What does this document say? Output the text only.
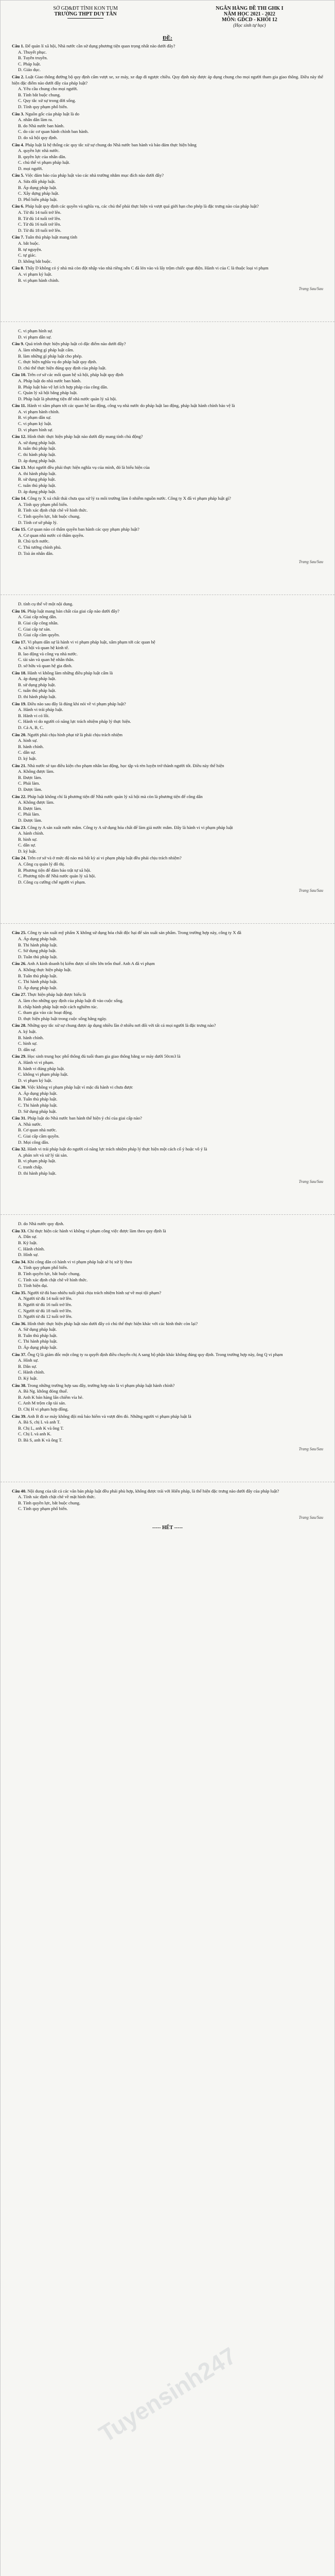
SỞ GD&ĐT TỈNH KON TUM
TRƯỜNG THPT DUY TÂN
NGÂN HÀNG ĐỀ THI GHK I
NĂM HỌC 2021 - 2022
MÔN: GDCD - KHỐI 12
(Học sinh tự học)
ĐỀ:
Câu 1. Để quản lí xã hội, Nhà nước cần sử dụng phương tiện quan trọng nhất nào dưới đây?
A. Thuyết phục.
B. Tuyên truyền.
C. Pháp luật.
D. Giáo dục.
Câu 2. Luật Giao thông đường bộ quy định cấm vượt xe, xe máy, xe đạp đi ngược chiều. Quy định này được áp dụng chung cho mọi người tham gia giao thông. Điều này thể hiện đặc điểm nào dưới đây của pháp luật?
A. Yêu cầu chung cho mọi người.
B. Tính bắt buộc chung.
C. Quy tắc xử sự trong đời sống.
D. Tính quy phạm phổ biến.
Câu 3. Nguồn gốc của pháp luật là do
A. nhân dân làm ra.
B. do Nhà nước ban hành.
C. do các cơ quan hành chính ban hành.
D. do xã hội quy định.
Câu 4. Pháp luật là hệ thống các quy tắc xử sự chung do Nhà nước ban hành và bảo đảm thực hiện bằng
A. quyền lực nhà nước.
B. quyền lực của nhân dân.
C. chủ thể vi phạm pháp luật.
D. mọi người.
Câu 5. Việc đảm bảo của pháp luật vào các nhà trường nhằm mục đích nào dưới đây?
A. Sửa đổi pháp luật.
B. Áp dụng pháp luật.
C. Xây dựng pháp luật.
D. Phổ biến pháp luật.
Câu 6. Pháp luật quy định các quyền và nghĩa vụ, các chủ thể phải thực hiện và vượt quá giới hạn cho phép là đặc trưng nào của pháp luật?
A. Từ đủ 14 tuổi trở lên.
B. Từ đủ 14 tuổi trở lên.
C. Từ đủ 16 tuổi trở lên.
D. Từ đủ 18 tuổi trở lên.
Câu 7. Tuân thủ pháp luật mang tính
A. bắt buộc.
B. tự nguyện.
C. tự giác.
D. không bắt buộc.
Câu 8. Thấy D không có ý nhà mà còn đột nhập vào nhà riêng nên C đã lén vào và lấy trộm chiếc quạt điện. Hành vi của C là thuộc loại vi phạm
A. vi phạm kỷ luật.
B. vi phạm hành chính.
Trang Sau/Sau
C. vi phạm hình sự.
D. vi phạm dân sự.
Câu 9. Quá trình thực hiện pháp luật có đặc điểm nào dưới đây?
A. làm những gì pháp luật cấm.
B. làm những gì pháp luật cho phép.
C. thực hiện nghĩa vụ do pháp luật quy định.
D. chủ thể thực hiện đúng quy định của pháp luật.
Câu 10. Trên cơ sở các mối quan hệ xã hội, pháp luật quy định
A. Pháp luật do nhà nước ban hành.
B. Pháp luật bảo vệ lợi ích hợp pháp của công dân.
C. Quản lý xã hội bằng pháp luật.
D. Pháp luật là phương tiện để nhà nước quản lý xã hội.
Câu 11. Hành vi xâm phạm tới các quan hệ lao động, công vụ nhà nước do pháp luật lao động, pháp luật hành chính bảo vệ là
A. vi phạm hành chính.
B. vi phạm dân sự.
C. vi phạm kỷ luật.
D. vi phạm hình sự.
Câu 12. Hình thức thực hiện pháp luật nào dưới đây mang tính chủ động?
A. sử dụng pháp luật.
B. tuân thủ pháp luật.
C. thi hành pháp luật.
D. áp dụng pháp luật.
Câu 13. Mọi người đều phải thực hiện nghĩa vụ của mình, đó là biểu hiện của
A. thi hành pháp luật.
B. sử dụng pháp luật.
C. tuân thủ pháp luật.
D. áp dụng pháp luật.
Câu 14. Công ty X xả chất thải chưa qua xử lý ra môi trường làm ô nhiễm nguồn nước. Công ty X đã vi phạm pháp luật gì?
A. Tính quy phạm phổ biến.
B. Tính xác định chặt chẽ về hình thức.
C. Tính quyền lực, bắt buộc chung.
D. Tính cơ sở pháp lý.
Câu 15. Cơ quan nào có thẩm quyền ban hành các quy phạm pháp luật?
A. Cơ quan nhà nước có thẩm quyền.
B. Chủ tịch nước.
C. Thủ tướng chính phủ.
D. Toà án nhân dân.
Trang Sau/Sau
D. tính cụ thể về một nội dung.
Câu 16. Pháp luật mang bản chất của giai cấp nào dưới đây?
A. Giai cấp nông dân.
B. Giai cấp công nhân.
C. Giai cấp tư sản.
D. Giai cấp cầm quyền.
Câu 17. Vi phạm dân sự là hành vi vi phạm pháp luật, xâm phạm tới các quan hệ
A. xã hội và quan hệ kinh tế.
B. lao động và công vụ nhà nước.
C. tài sản và quan hệ nhân thân.
D. sở hữu và quan hệ gia đình.
Câu 18. Hành vi không làm những điều pháp luật cấm là
A. áp dụng pháp luật.
B. sử dụng pháp luật.
C. tuân thủ pháp luật.
D. thi hành pháp luật.
Câu 19. Điều nào sau đây là đúng khi nói về vi phạm pháp luật?
A. Hành vi trái pháp luật.
B. Hành vi có lỗi.
C. Hành vi do người có năng lực trách nhiệm pháp lý thực hiện.
D. Cả A, B, C.
Câu 20. Người phải chịu hình phạt tử là phải chịu trách nhiệm
A. hình sự.
B. hành chính.
C. dân sự.
D. kỷ luật.
Câu 21. Nhà nước sẽ tạo điều kiện cho phạm nhân lao động, học tập và rèn luyện trở thành người tốt. Điều này thể hiện
A. Không được làm.
B. Được làm.
C. Phải làm.
D. Được làm.
Câu 22. Pháp luật không chỉ là phương tiện để Nhà nước quản lý xã hội mà còn là phương tiện để công dân
A. Không được làm.
B. Được làm.
C. Phải làm.
D. Được làm.
Câu 23. Công ty A sản xuất nước mắm. Công ty A sử dụng hóa chất để làm giả nước mắm. Đây là hành vi vi phạm pháp luật
A. hành chính.
B. hình sự.
C. dân sự.
D. kỷ luật.
Câu 24. Trên cơ sở và ở mức độ nào mà bất kỳ ai vi phạm pháp luật đều phải chịu trách nhiệm?
A. Công cụ quản lý đô thị.
B. Phương tiện để đảm bảo trật tự xã hội.
C. Phương tiện để Nhà nước quản lý xã hội.
D. Công cụ cưỡng chế người vi phạm.
Trang Sau/Sau
Câu 25. Công ty sản xuất mỹ phẩm X không sử dụng hóa chất độc hại để sản xuất sản phẩm. Trong trường hợp này, công ty X đã
A. Áp dụng pháp luật.
B. Thi hành pháp luật.
C. Sử dụng pháp luật.
D. Tuân thủ pháp luật.
Câu 26. Anh A kinh doanh bị kiếm được số tiền lớn trốn thuế. Anh A đã vi phạm
A. Không thực hiện pháp luật.
B. Tuân thủ pháp luật.
C. Thi hành pháp luật.
D. Áp dụng pháp luật.
Câu 27. Thực hiện pháp luật được hiểu là
A. làm cho những quy định của pháp luật đi vào cuộc sống.
B. chấp hành pháp luật một cách nghiêm túc.
C. tham gia vào các hoạt động.
D. thực hiện pháp luật trong cuộc sống hằng ngày.
Câu 28. Những quy tắc xử sự chung được áp dụng nhiều lần ở nhiều nơi đối với tất cả mọi người là đặc trưng nào?
A. kỷ luật.
B. hành chính.
C. hình sự.
D. dân sự.
Câu 29. Học sinh trung học phổ thông đủ tuổi tham gia giao thông bằng xe máy dưới 50cm3 là
A. Hành vi vi phạm.
B. hành vi đúng pháp luật.
C. không vi phạm pháp luật.
D. vi phạm kỷ luật.
Câu 30. Việc không vi phạm pháp luật vì mặc dù hành vi chưa được
A. Áp dụng pháp luật.
B. Tuân thủ pháp luật.
C. Thi hành pháp luật.
D. Sử dụng pháp luật.
Câu 31. Pháp luật do Nhà nước ban hành thể hiện ý chí của giai cấp nào?
A. Nhà nước.
B. Cơ quan nhà nước.
C. Giai cấp cầm quyền.
D. Mọi công dân.
Câu 32. Hành vi trái pháp luật do người có năng lực trách nhiệm pháp lý thực hiện một cách cố ý hoặc vô ý là
A. phán xét và xử lý tài sản.
B. vi phạm pháp luật.
C. tranh chấp.
D. thi hành pháp luật.
Trang Sau/Sau
D. do Nhà nước quy định.
Câu 33. Chỉ thực hiện các hành vi không vi phạm công việc được làm theo quy định là
A. Dân sự.
B. Kỷ luật.
C. Hành chính.
D. Hình sự.
Câu 34. Khi công dân có hành vi vi phạm pháp luật sẽ bị xử lý theo
A. Tính quy phạm phổ biến.
B. Tính quyền lực, bắt buộc chung.
C. Tính xác định chặt chẽ về hình thức.
D. Tính hiện đại.
Câu 35. Người từ đủ bao nhiêu tuổi phải chịu trách nhiệm hình sự về mọi tội phạm?
A. Người từ đủ 14 tuổi trở lên.
B. Người từ đủ 16 tuổi trở lên.
C. Người từ đủ 18 tuổi trở lên.
D. Người từ đủ 12 tuổi trở lên.
Câu 36. Hình thức thực hiện pháp luật nào dưới đây có chủ thể thực hiện khác với các hình thức còn lại?
A. Sử dụng pháp luật.
B. Tuân thủ pháp luật.
C. Thi hành pháp luật.
D. Áp dụng pháp luật.
Câu 37. Ông Q là giám đốc một công ty ra quyết định điều chuyển chị A sang bộ phận khác không đúng quy định. Trong trường hợp này, ông Q vi phạm
A. Hình sự.
B. Dân sự.
C. Hành chính.
D. Kỷ luật.
Câu 38. Trong những trường hợp sau đây, trường hợp nào là vi phạm pháp luật hành chính?
A. Bà Ng. không đóng thuế.
B. Anh K bán hàng lấn chiếm vỉa hè.
C. Anh M trộm cắp tài sản.
D. Chị H vi phạm hợp đồng.
Câu 39. Anh B đi xe máy không đội mũ bảo hiểm và vượt đèn đỏ. Những người vi phạm pháp luật là
A. Bà S, chị L và anh T.
B. Chị L, anh K và ông T.
C. Chị L và anh K.
D. Bà S, anh K và ông T.
Trang Sau/Sau
Câu 40. Nội dung của tất cả các văn bản pháp luật đều phải phù hợp, không được trái với Hiến pháp, là thể hiện đặc trưng nào dưới đây của pháp luật?
A. Tính xác định chặt chẽ về mặt hình thức.
B. Tính quyền lực, bắt buộc chung.
C. Tính quy phạm phổ biến.
Trang Sau/Sau
----- HẾT -----
Tuyensinh247
